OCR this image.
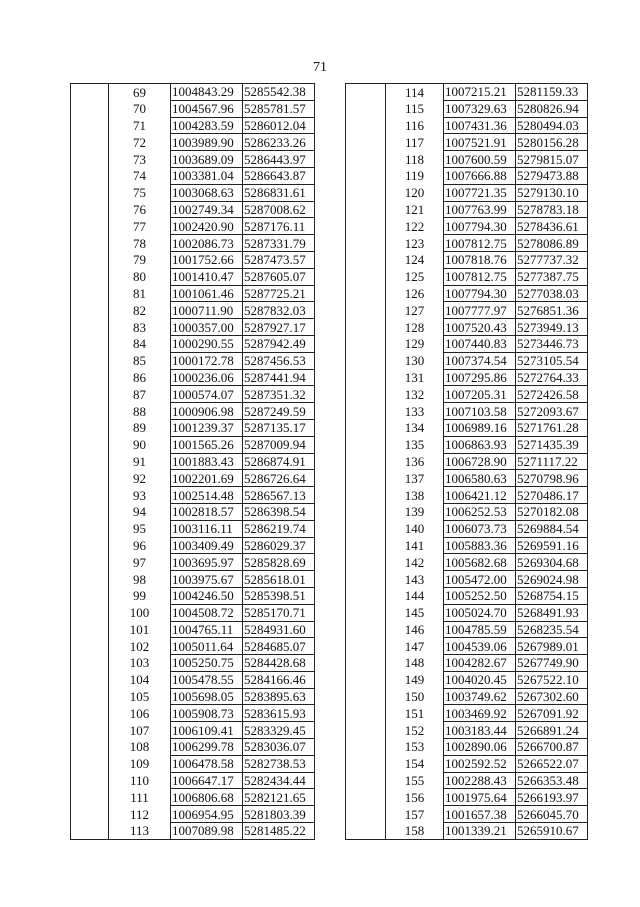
71
	69	1004843.29	5285542.38
	70	1004567.96	5285781.57
	71	1004283.59	5286012.04
	72	1003989.90	5286233.26
	73	1003689.09	5286443.97
	74	1003381.04	5286643.87
	75	1003068.63	5286831.61
	76	1002749.34	5287008.62
	77	1002420.90	5287176.11
	78	1002086.73	5287331.79
	79	1001752.66	5287473.57
	80	1001410.47	5287605.07
	81	1001061.46	5287725.21
	82	1000711.90	5287832.03
	83	1000357.00	5287927.17
	84	1000290.55	5287942.49
	85	1000172.78	5287456.53
	86	1000236.06	5287441.94
	87	1000574.07	5287351.32
	88	1000906.98	5287249.59
	89	1001239.37	5287135.17
	90	1001565.26	5287009.94
	91	1001883.43	5286874.91
	92	1002201.69	5286726.64
	93	1002514.48	5286567.13
	94	1002818.57	5286398.54
	95	1003116.11	5286219.74
	96	1003409.49	5286029.37
	97	1003695.97	5285828.69
	98	1003975.67	5285618.01
	99	1004246.50	5285398.51
	100	1004508.72	5285170.71
	101	1004765.11	5284931.60
	102	1005011.64	5284685.07
	103	1005250.75	5284428.68
	104	1005478.55	5284166.46
	105	1005698.05	5283895.63
	106	1005908.73	5283615.93
	107	1006109.41	5283329.45
	108	1006299.78	5283036.07
	109	1006478.58	5282738.53
	110	1006647.17	5282434.44
	111	1006806.68	5282121.65
	112	1006954.95	5281803.39
	113	1007089.98	5281485.22
	114	1007215.21	5281159.33
	115	1007329.63	5280826.94
	116	1007431.36	5280494.03
	117	1007521.91	5280156.28
	118	1007600.59	5279815.07
	119	1007666.88	5279473.88
	120	1007721.35	5279130.10
	121	1007763.99	5278783.18
	122	1007794.30	5278436.61
	123	1007812.75	5278086.89
	124	1007818.76	5277737.32
	125	1007812.75	5277387.75
	126	1007794.30	5277038.03
	127	1007777.97	5276851.36
	128	1007520.43	5273949.13
	129	1007440.83	5273446.73
	130	1007374.54	5273105.54
	131	1007295.86	5272764.33
	132	1007205.31	5272426.58
	133	1007103.58	5272093.67
	134	1006989.16	5271761.28
	135	1006863.93	5271435.39
	136	1006728.90	5271117.22
	137	1006580.63	5270798.96
	138	1006421.12	5270486.17
	139	1006252.53	5270182.08
	140	1006073.73	5269884.54
	141	1005883.36	5269591.16
	142	1005682.68	5269304.68
	143	1005472.00	5269024.98
	144	1005252.50	5268754.15
	145	1005024.70	5268491.93
	146	1004785.59	5268235.54
	147	1004539.06	5267989.01
	148	1004282.67	5267749.90
	149	1004020.45	5267522.10
	150	1003749.62	5267302.60
	151	1003469.92	5267091.92
	152	1003183.44	5266891.24
	153	1002890.06	5266700.87
	154	1002592.52	5266522.07
	155	1002288.43	5266353.48
	156	1001975.64	5266193.97
	157	1001657.38	5266045.70
	158	1001339.21	5265910.67
